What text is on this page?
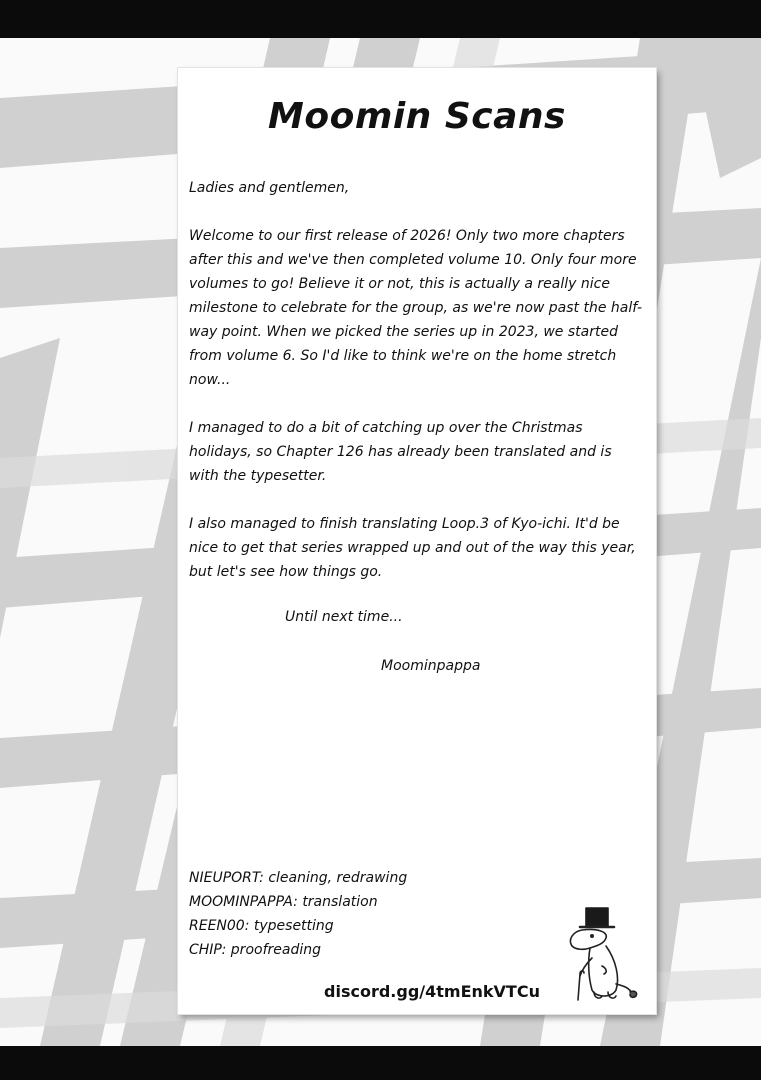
Moomin Scans

Ladies and gentlemen,

Welcome to our first release of 2026! Only two more chapters after this and we've then completed volume 10. Only four more volumes to go! Believe it or not, this is actually a really nice milestone to celebrate for the group, as we're now past the half-way point. When we picked the series up in 2023, we started from volume 6. So I'd like to think we're on the home stretch now...

I managed to do a bit of catching up over the Christmas holidays, so Chapter 126 has already been translated and is with the typesetter.

I also managed to finish translating Loop.3 of Kyo-ichi. It'd be nice to get that series wrapped up and out of the way this year, but let's see how things go.

Until next time...
Moominpappa
NIEUPORT: cleaning, redrawing
MOOMINPAPPA: translation
REEN00: typesetting
CHIP: proofreading
discord.gg/4tmEnkVTCu
